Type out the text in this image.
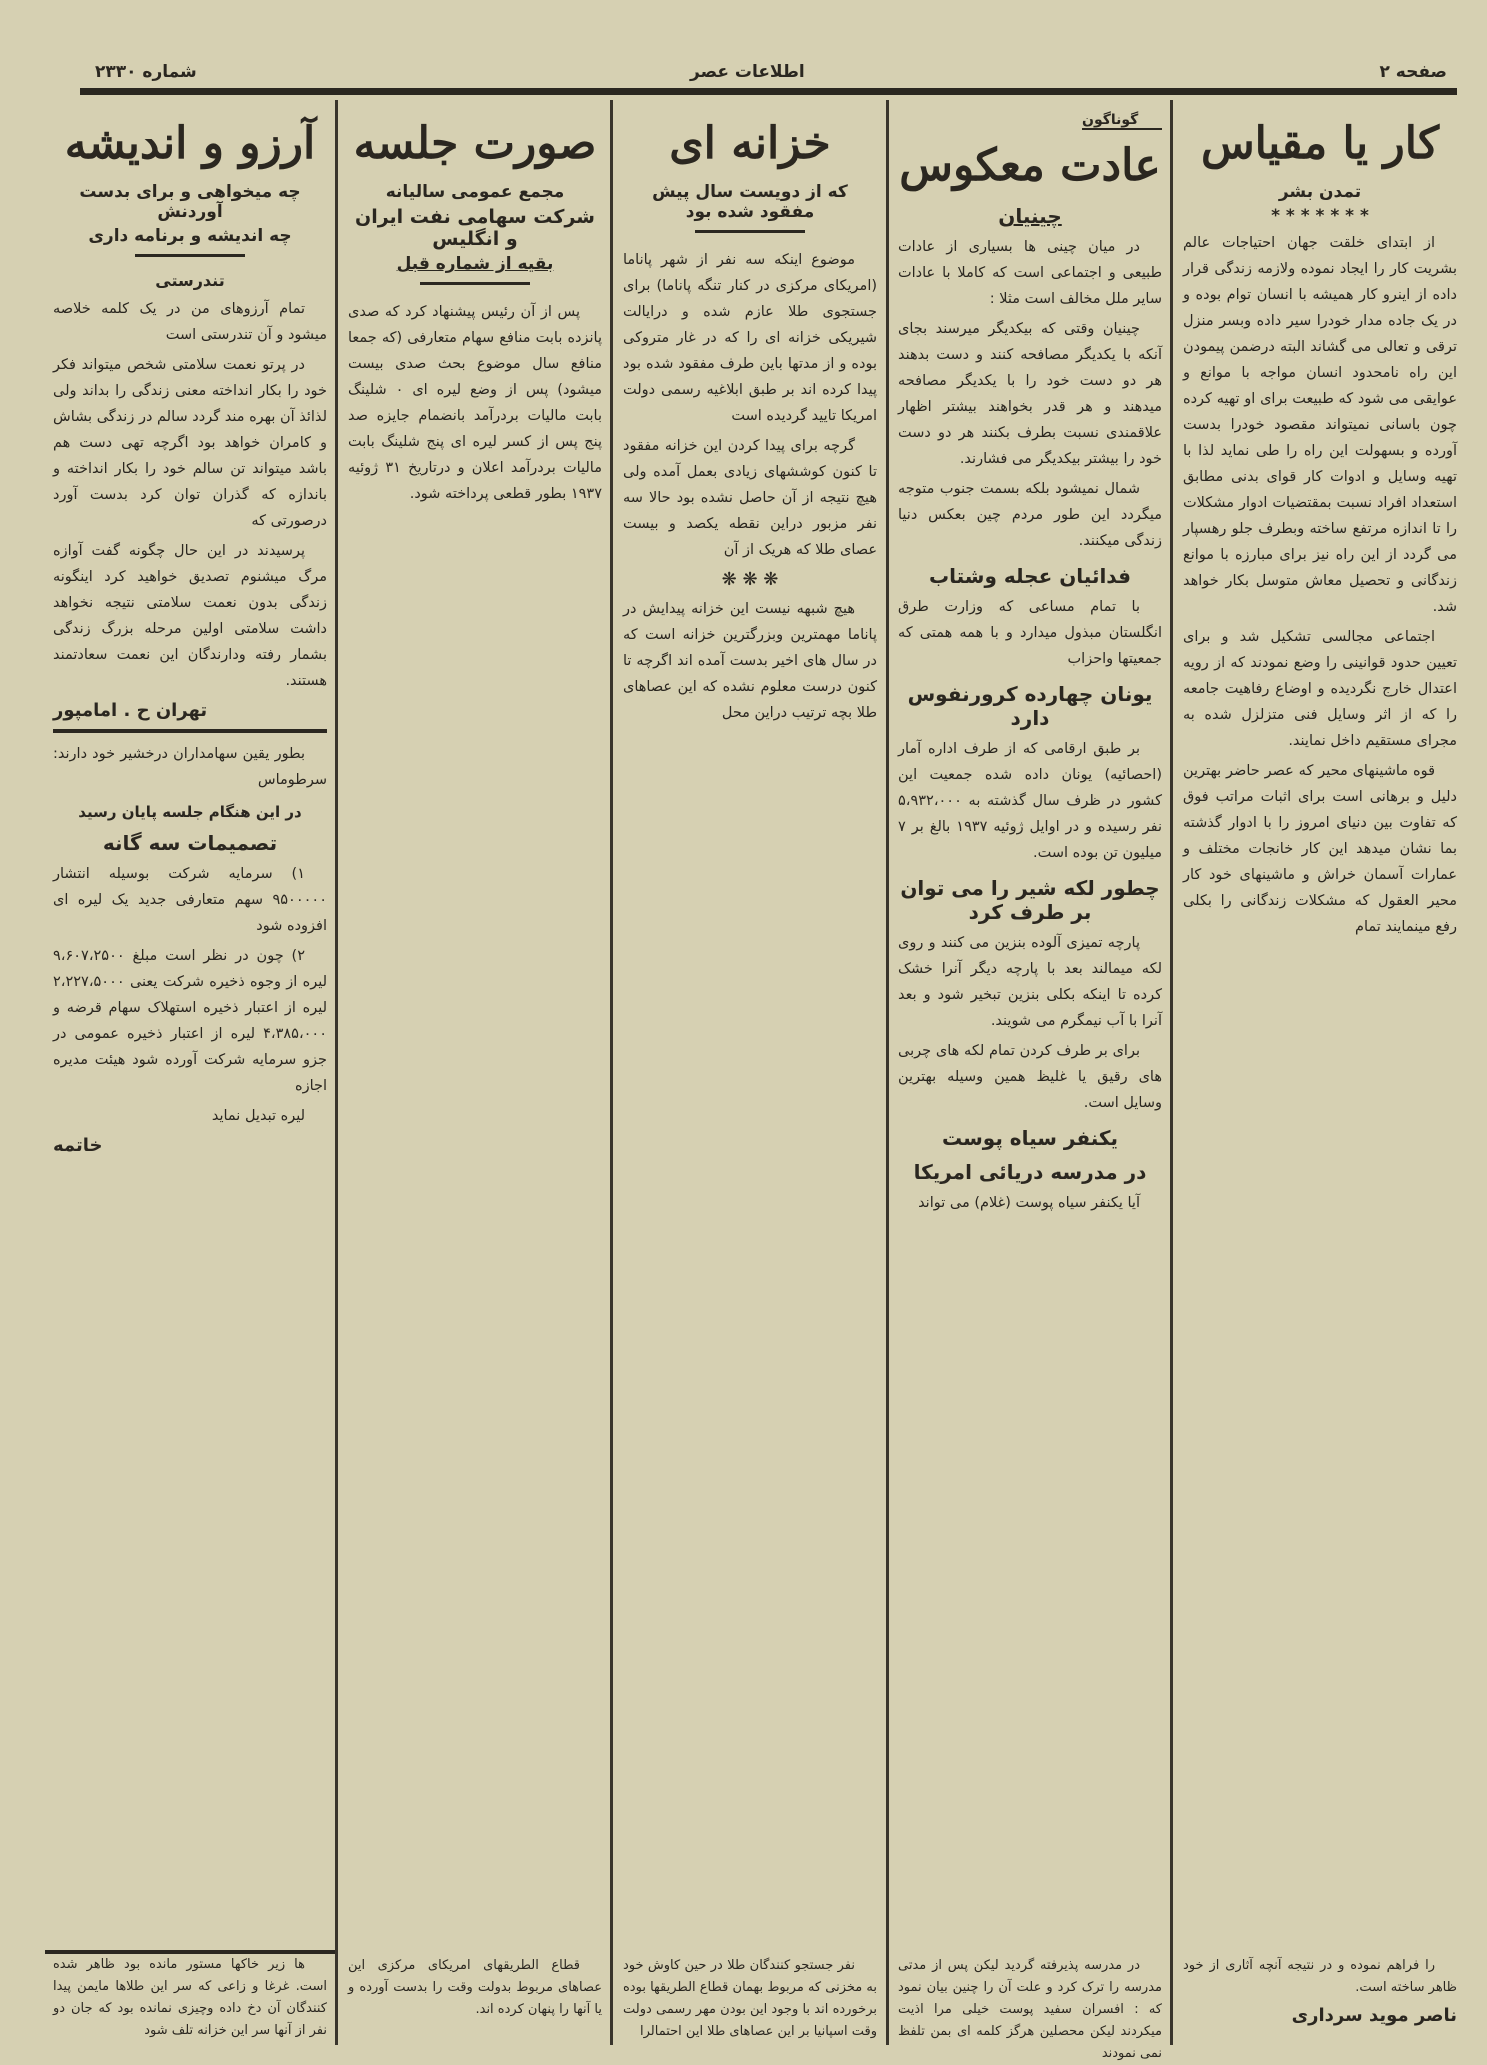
صفحه ۲
اطلاعات عصر
شماره ۲۳۳۰
کار یا مقیاس
تمدن بشر
* * * * * * *

از ابتدای خلقت جهان احتیاجات عالم بشریت کار را ایجاد نموده ولازمه زندگی قرار داده از اینرو کار همیشه با انسان توام بوده و در یک جاده مدار خودرا سیر داده وبسر منزل ترقی و تعالی می گشاند البته درضمن پیمودن این راه نامحدود انسان مواجه با موانع و عوایقی می شود که طبیعت برای او تهیه کرده چون باسانی نمیتواند مقصود خودرا بدست آورده و بسهولت این راه را طی نماید لذا با تهیه وسایل و ادوات کار قوای بدنی مطابق استعداد افراد نسبت بمقتضیات ادوار مشکلات را تا اندازه مرتفع ساخته وبطرف جلو رهسپار می گردد از این راه نیز برای مبارزه با موانع زندگانی و تحصیل معاش متوسل بکار خواهد شد.

اجتماعی مجالسی تشکیل شد و برای تعیین حدود قوانینی را وضع نمودند که از رویه اعتدال خارج نگردیده و اوضاع رفاهیت جامعه را که از اثر وسایل فنی متزلزل شده به مجرای مستقیم داخل نمایند.

قوه ماشینهای محیر که عصر حاضر بهترین دلیل و برهانی است برای اثبات مراتب فوق که تفاوت بین دنیای امروز را با ادوار گذشته بما نشان میدهد این کار خانجات مختلف و عمارات آسمان خراش و ماشینهای خود کار محیر العقول که مشکلات زندگانی را بکلی رفع مینمایند تمام

را فراهم نموده و در نتیجه آنچه آثاری از خود ظاهر ساخته است.

ناصر موید سرداری
گوناگون
عادت معکوس
چینیان

در میان چینی ها بسیاری از عادات طبیعی و اجتماعی است که کاملا با عادات سایر ملل مخالف است مثلا :

چینیان وقتی که بیکدیگر میرسند بجای آنکه با یکدیگر مصافحه کنند و دست بدهند هر دو دست خود را با یکدیگر مصافحه میدهند و هر قدر بخواهند بیشتر اظهار علاقمندی نسبت بطرف بکنند هر دو دست خود را بیشتر بیکدیگر می فشارند.

شمال نمیشود بلکه بسمت جنوب متوجه میگردد این طور مردم چین بعکس دنیا زندگی میکنند.

فدائیان عجله وشتاب

با تمام مساعی که وزارت طرق انگلستان مبذول میدارد و با همه همتی که جمعیتها واحزاب

یونان چهارده کرورنفوس دارد

بر طبق ارقامی که از طرف اداره آمار (احصائیه) یونان داده شده جمعیت این کشور در ظرف سال گذشته به ۵،۹۳۲،۰۰۰ نفر رسیده و در اوایل ژوئیه ۱۹۳۷ بالغ بر ۷ میلیون تن بوده است.

چطور لکه شیر را می توان بر طرف کرد

پارچه تمیزی آلوده بنزین می کنند و روی لکه میمالند بعد با پارچه دیگر آنرا خشک کرده تا اینکه بکلی بنزین تبخیر شود و بعد آنرا با آب نیمگرم می شویند.

برای بر طرف کردن تمام لکه های چربی های رقیق یا غلیظ همین وسیله بهترین وسایل است.

یکنفر سیاه پوست
در مدرسه دریائی امریکا

آیا یکنفر سیاه پوست (غلام) می تواند

در مدرسه پذیرفته گردید لیکن پس از مدتی مدرسه را ترک کرد و علت آن را چنین بیان نمود که : افسران سفید پوست خیلی مرا اذیت میکردند لیکن محصلین هرگز کلمه ای بمن تلفظ نمی نمودند

خزانه ای
که از دویست سال پیش مفقود شده بود

موضوع اینکه سه نفر از شهر پاناما (امریکای مرکزی در کنار تنگه پاناما) برای جستجوی طلا عازم شده و درایالت شیریکی خزانه ای را که در غار متروکی بوده و از مدتها باین طرف مفقود شده بود پیدا کرده اند بر طبق ابلاغیه رسمی دولت امریکا تایید گردیده است

گرچه برای پیدا کردن این خزانه مفقود تا کنون کوششهای زیادی بعمل آمده ولی هیچ نتیجه از آن حاصل نشده بود حالا سه نفر مزبور دراین نقطه یکصد و بیست عصای طلا که هریک از آن

❋ ❋ ❋

هیچ شبهه نیست این خزانه پیدایش در پاناما مهمترین وبزرگترین خزانه است که در سال های اخیر بدست آمده اند اگرچه تا کنون درست معلوم نشده که این عصاهای طلا بچه ترتیب دراین محل

نفر جستجو کنندگان طلا در حین کاوش خود به مخزنی که مربوط بهمان قطاع الطریقها بوده برخورده اند با وجود این بودن مهر رسمی دولت وقت اسپانیا بر این عصاهای طلا این احتمالرا

صورت جلسه
مجمع عمومی سالیانه
شرکت سهامی نفت ایران و انگلیس
بقیه از شماره قبل

پس از آن رئیس پیشنهاد کرد که صدی پانزده بابت منافع سهام متعارفی (که جمعا منافع سال موضوع بحث صدی بیست میشود) پس از وضع لیره ای ۰ شلینگ بابت مالیات بردرآمد بانضمام جایزه صد پنج پس از کسر لیره ای پنج شلینگ بابت مالیات بردرآمد اعلان و درتاریخ ۳۱ ژوئیه ۱۹۳۷ بطور قطعی پرداخته شود.

قطاع الطریقهای امریکای مرکزی این عصاهای مربوط بدولت وقت را بدست آورده و یا آنها را پنهان کرده اند.

آرزو و اندیشه
چه میخواهی و برای بدست آوردنش
چه اندیشه و برنامه داری
تندرستی

تمام آرزوهای من در یک کلمه خلاصه میشود و آن تندرستی است

در پرتو نعمت سلامتی شخص میتواند فکر خود را بکار انداخته معنی زندگی را بداند ولی لذائذ آن بهره مند گردد سالم در زندگی بشاش و کامران خواهد بود اگرچه تهی دست هم باشد میتواند تن سالم خود را بکار انداخته و باندازه که گذران توان کرد بدست آورد درصورتی که

پرسیدند در این حال چگونه گفت آوازه مرگ میشنوم تصدیق خواهید کرد اینگونه زندگی بدون نعمت سلامتی نتیجه نخواهد داشت سلامتی اولین مرحله بزرگ زندگی بشمار رفته ودارندگان این نعمت سعادتمند هستند.

تهران ح . امامپور

بطور یقین سهامداران درخشیر خود دارند: سرطوماس

در این هنگام جلسه پایان رسید
تصمیمات سه گانه

۱) سرمایه شرکت بوسیله انتشار ۹۵۰۰۰۰۰ سهم متعارفی جدید یک لیره ای افزوده شود

۲) چون در نظر است مبلغ ۹،۶۰۷،۲۵۰۰ لیره از وجوه ذخیره شرکت یعنی ۲،۲۲۷،۵۰۰۰ لیره از اعتبار ذخیره استهلاک سهام قرضه و ۴،۳۸۵،۰۰۰ لیره از اعتبار ذخیره عمومی در جزو سرمایه شرکت آورده شود هیئت مدیره اجازه

لیره تبدیل نماید

خاتمه

ها زیر خاکها مستور مانده بود ظاهر شده است. غرغا و زاعی که سر این طلاها مایمن پیدا کنندگان آن دخ داده وچیزی نمانده بود که جان دو نفر از آنها سر این خزانه تلف شود
